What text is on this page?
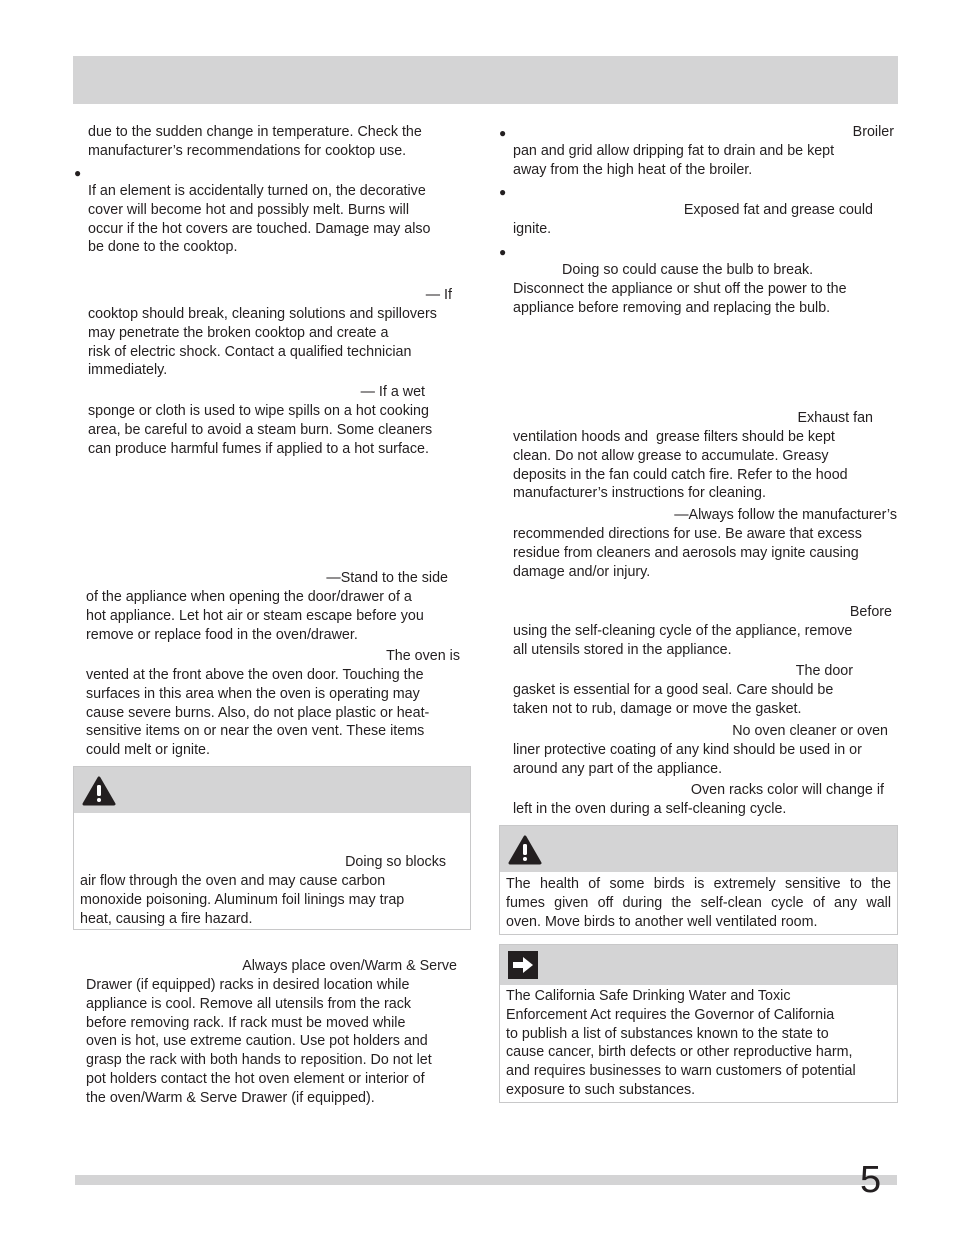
due to the sudden change in temperature. Check the
manufacturer’s recommendations for cooktop use.
●
If an element is accidentally turned on, the decorative
cover will become hot and possibly melt. Burns will
occur if the hot covers are touched. Damage may also
be done to the cooktop.
— If
cooktop should break, cleaning solutions and spillovers
may penetrate the broken cooktop and create a
risk of electric shock. Contact a qualified technician
immediately.
— If a wet
sponge or cloth is used to wipe spills on a hot cooking
area, be careful to avoid a steam burn. Some cleaners
can produce harmful fumes if applied to a hot surface.
—Stand to the side
of the appliance when opening the door/drawer of a
hot appliance. Let hot air or steam escape before you
remove or replace food in the oven/drawer.
The oven is
vented at the front above the oven door. Touching the
surfaces in this area when the oven is operating may
cause severe burns. Also, do not place plastic or heat-
sensitive items on or near the oven vent. These items
could melt or ignite.
Doing so blocks
air flow through the oven and may cause carbon
monoxide poisoning. Aluminum foil linings may trap
heat, causing a fire hazard.
Always place oven/Warm & Serve
Drawer (if equipped) racks in desired location while
appliance is cool. Remove all utensils from the rack
before removing rack. If rack must be moved while
oven is hot, use extreme caution. Use pot holders and
grasp the rack with both hands to reposition. Do not let
pot holders contact the hot oven element or interior of
the oven/Warm & Serve Drawer (if equipped).
●	Broiler
pan and grid allow dripping fat to drain and be kept
away from the high heat of the broiler.
●
Exposed fat and grease could
ignite.
●
Doing so could cause the bulb to break.
Disconnect the appliance or shut off the power to the
appliance before removing and replacing the bulb.
Exhaust fan
ventilation hoods and  grease filters should be kept
clean. Do not allow grease to accumulate. Greasy
deposits in the fan could catch fire. Refer to the hood
manufacturer’s instructions for cleaning.
—Always follow the manufacturer’s
recommended directions for use. Be aware that excess
residue from cleaners and aerosols may ignite causing
damage and/or injury.
Before
using the self-cleaning cycle of the appliance, remove
all utensils stored in the appliance.
The door
gasket is essential for a good seal. Care should be
taken not to rub, damage or move the gasket.
No oven cleaner or oven
liner protective coating of any kind should be used in or
around any part of the appliance.
Oven racks color will change if
left in the oven during a self-cleaning cycle.
The health of some birds is extremely sensitive to the
fumes given off during the self-clean cycle of any wall
oven. Move birds to another well ventilated room.
The California Safe Drinking Water and Toxic
Enforcement Act requires the Governor of California
to publish a list of substances known to the state to
cause cancer, birth defects or other reproductive harm,
and requires businesses to warn customers of potential
exposure to such substances.
5
